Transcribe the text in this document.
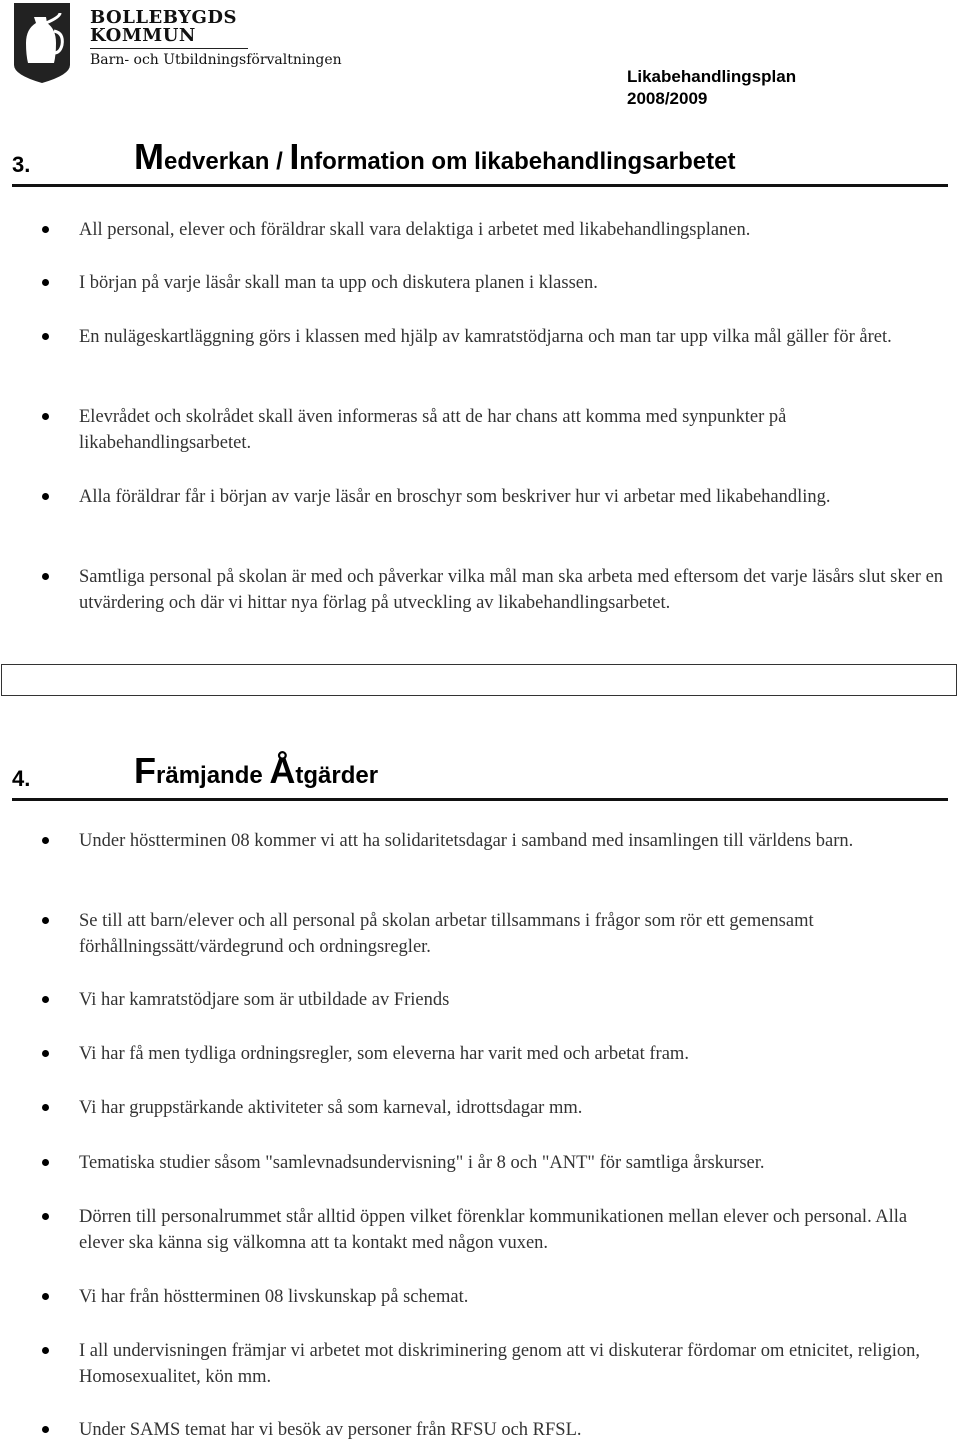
BOLLEBYGDS
KOMMUN
Barn- och Utbildningsförvaltningen
Likabehandlingsplan
2008/2009
3.	Medverkan / Information om likabehandlingsarbetet
All personal, elever och föräldrar skall vara delaktiga i arbetet med likabehandlingsplanen.
I början på varje läsår skall man ta upp och diskutera planen i klassen.
En nulägeskartläggning görs i klassen med hjälp av kamratstödjarna och man tar upp vilka mål gäller för året.
Elevrådet och skolrådet skall även informeras så att de har chans att komma med synpunkter på likabehandlingsarbetet.
Alla föräldrar får i början av varje läsår en broschyr som beskriver hur vi arbetar med likabehandling.
Samtliga personal på skolan är med och påverkar vilka mål man ska arbeta med eftersom det varje läsårs slut sker en utvärdering och där vi hittar nya förlag på utveckling av likabehandlingsarbetet.
4.	Främjande Åtgärder
Under höstterminen 08 kommer vi att ha solidaritetsdagar i samband med insamlingen till världens barn.
Se till att barn/elever och all personal på skolan arbetar tillsammans i frågor som rör ett gemensamt förhållningssätt/värdegrund och ordningsregler.
Vi har kamratstödjare som är utbildade av Friends
Vi har få men tydliga ordningsregler, som eleverna har varit med och arbetat fram.
Vi har gruppstärkande aktiviteter så som karneval, idrottsdagar mm.
Tematiska studier såsom "samlevnadsundervisning" i år 8 och "ANT" för samtliga årskurser.
Dörren till personalrummet står alltid öppen vilket förenklar kommunikationen mellan elever och personal. Alla elever ska känna sig välkomna att ta kontakt med någon vuxen.
Vi har från höstterminen 08 livskunskap på schemat.
I all undervisningen främjar vi arbetet mot diskriminering genom att vi diskuterar fördomar om etnicitet, religion, Homosexualitet, kön mm.
Under SAMS temat har vi besök av personer från RFSU och RFSL.
